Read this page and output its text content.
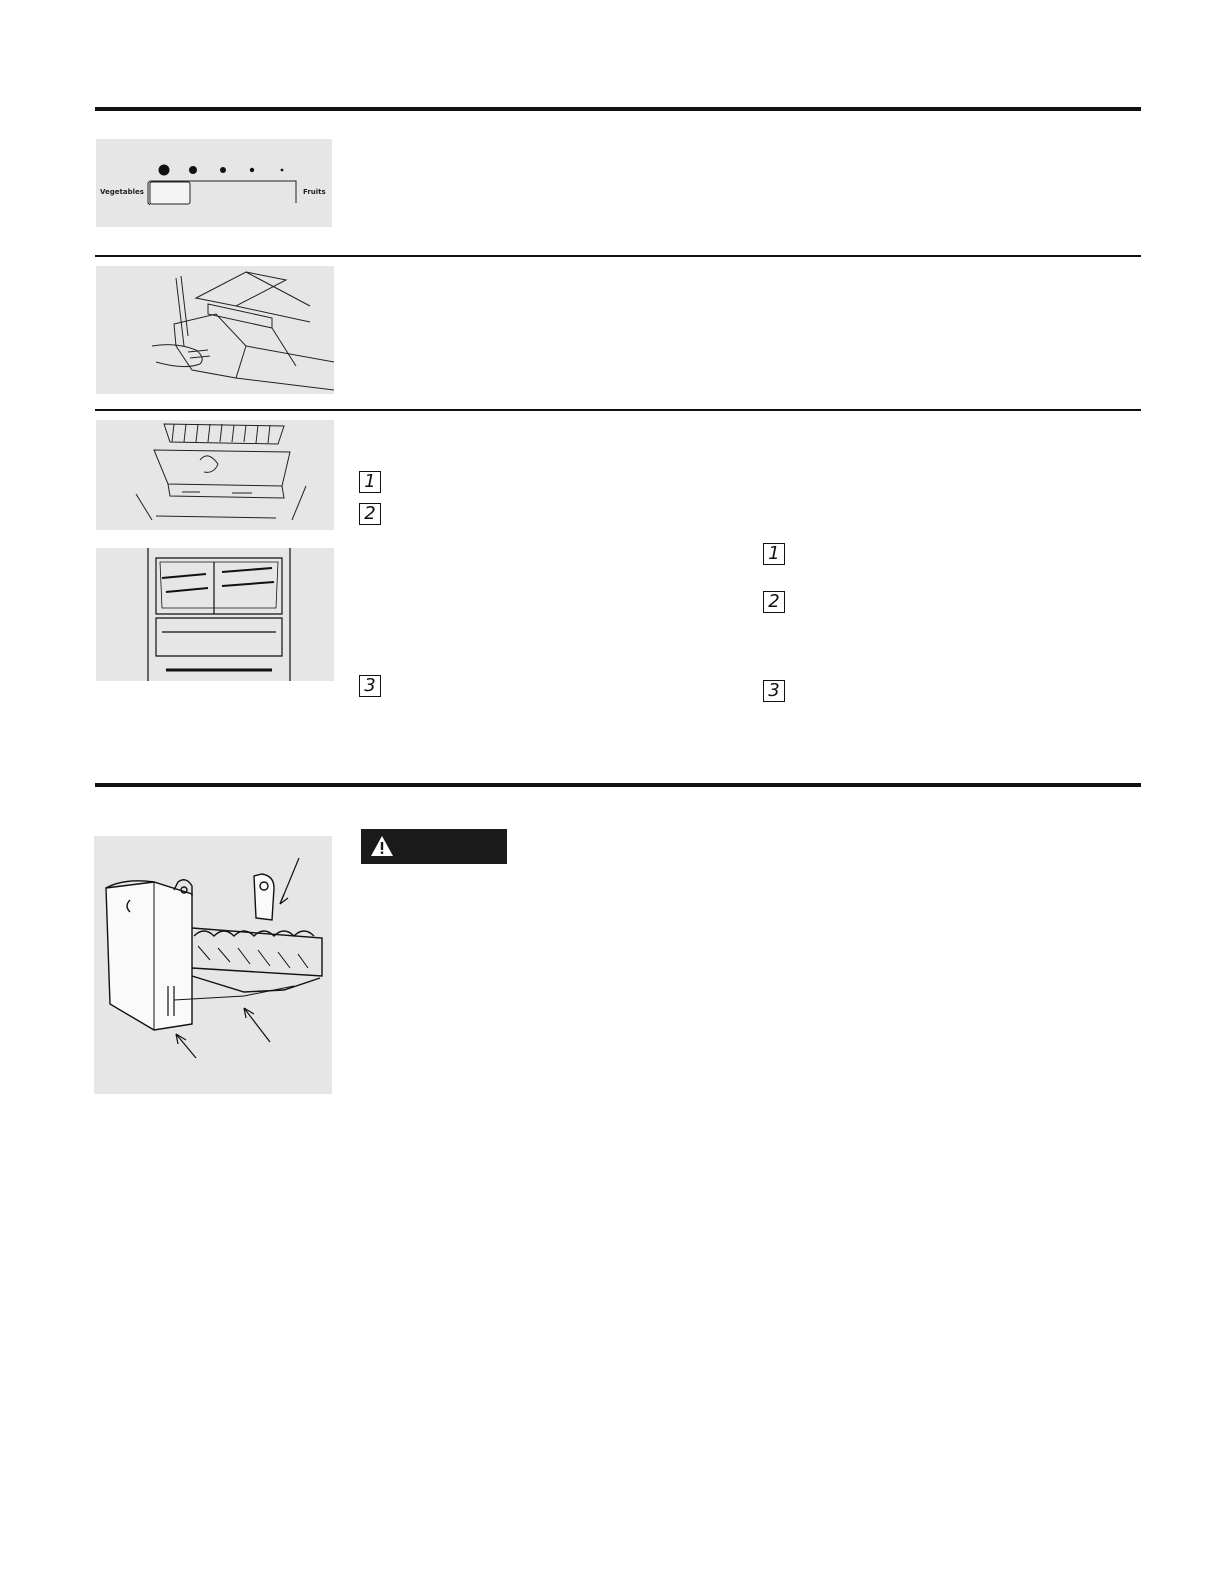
Vegetables	Fruits
1
2
3
1
2
3
